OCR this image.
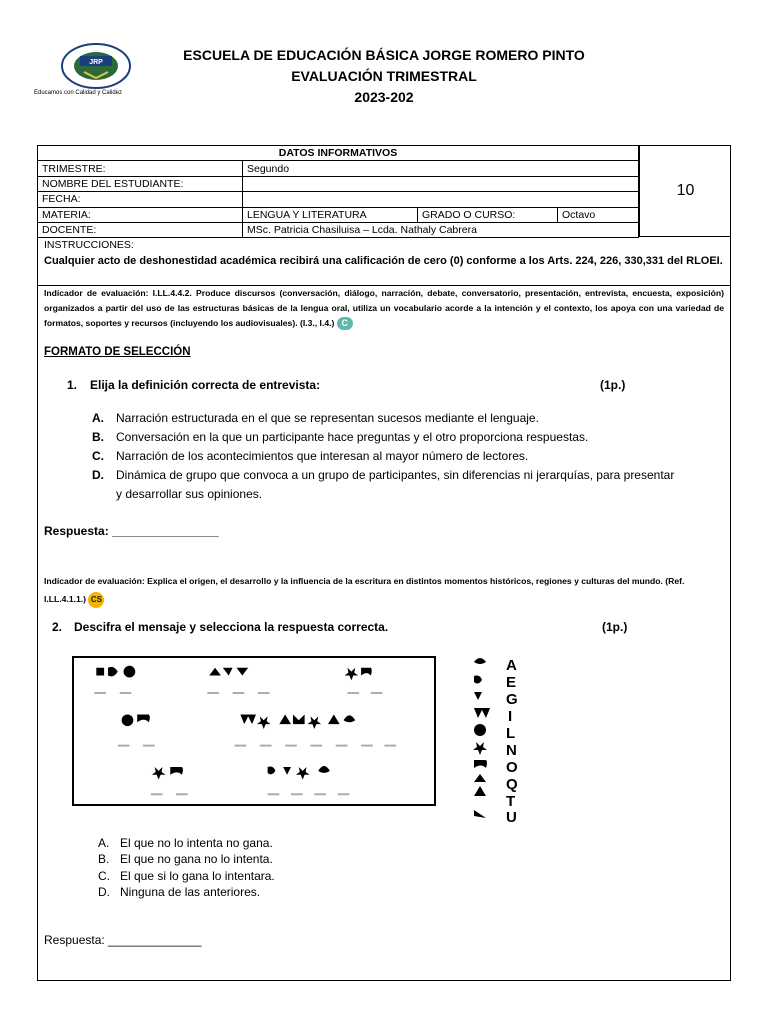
JRP
Educamos con Calidad y Calidez
ESCUELA DE EDUCACIÓN BÁSICA JORGE ROMERO PINTO
EVALUACIÓN TRIMESTRAL
2023-202
DATOS INFORMATIVOS			
TRIMESTRE:	Segundo		
NOMBRE DEL ESTUDIANTE:			
FECHA:			
MATERIA:	LENGUA Y LITERATURA	GRADO O CURSO:	Octavo
DOCENTE:	MSc. Patricia Chasiluisa – Lcda. Nathaly Cabrera		
10
INSTRUCCIONES:
Cualquier acto de deshonestidad académica recibirá una calificación de cero (0) conforme a los Arts. 224, 226, 330,331 del RLOEI.
Indicador de evaluación: I.LL.4.4.2. Produce discursos (conversación, diálogo, narración, debate, conversatorio, presentación, entrevista, encuesta, exposición) organizados a partir del uso de las estructuras básicas de la lengua oral, utiliza un vocabulario acorde a la intención y el contexto, los apoya con una variedad de formatos, soportes y recursos (incluyendo los audiovisuales). (I.3., I.4.) C
FORMATO DE SELECCIÓN
1. Elija la definición correcta de entrevista:	(1p.)
A. Narración estructurada en el que se representan sucesos mediante el lenguaje.
B. Conversación en la que un participante hace preguntas y el otro proporciona respuestas.
C. Narración de los acontecimientos que interesan al mayor número de lectores.
D. Dinámica de grupo que convoca a un grupo de participantes, sin diferencias ni jerarquías, para presentar
y desarrollar sus opiniones.
Respuesta: ________________
Indicador de evaluación: Explica el origen, el desarrollo y la influencia de la escritura en distintos momentos históricos, regiones y culturas del mundo. (Ref. I.LL.4.1.1.) CS
2. Descifra el mensaje y selecciona la respuesta correcta.	(1p.)
A
E
G
I
L
N
O
Q
T
U
A. El que no lo intenta no gana.
B. El que no gana no lo intenta.
C. El que si lo gana lo intentara.
D. Ninguna de las anteriores.
Respuesta: ______________
